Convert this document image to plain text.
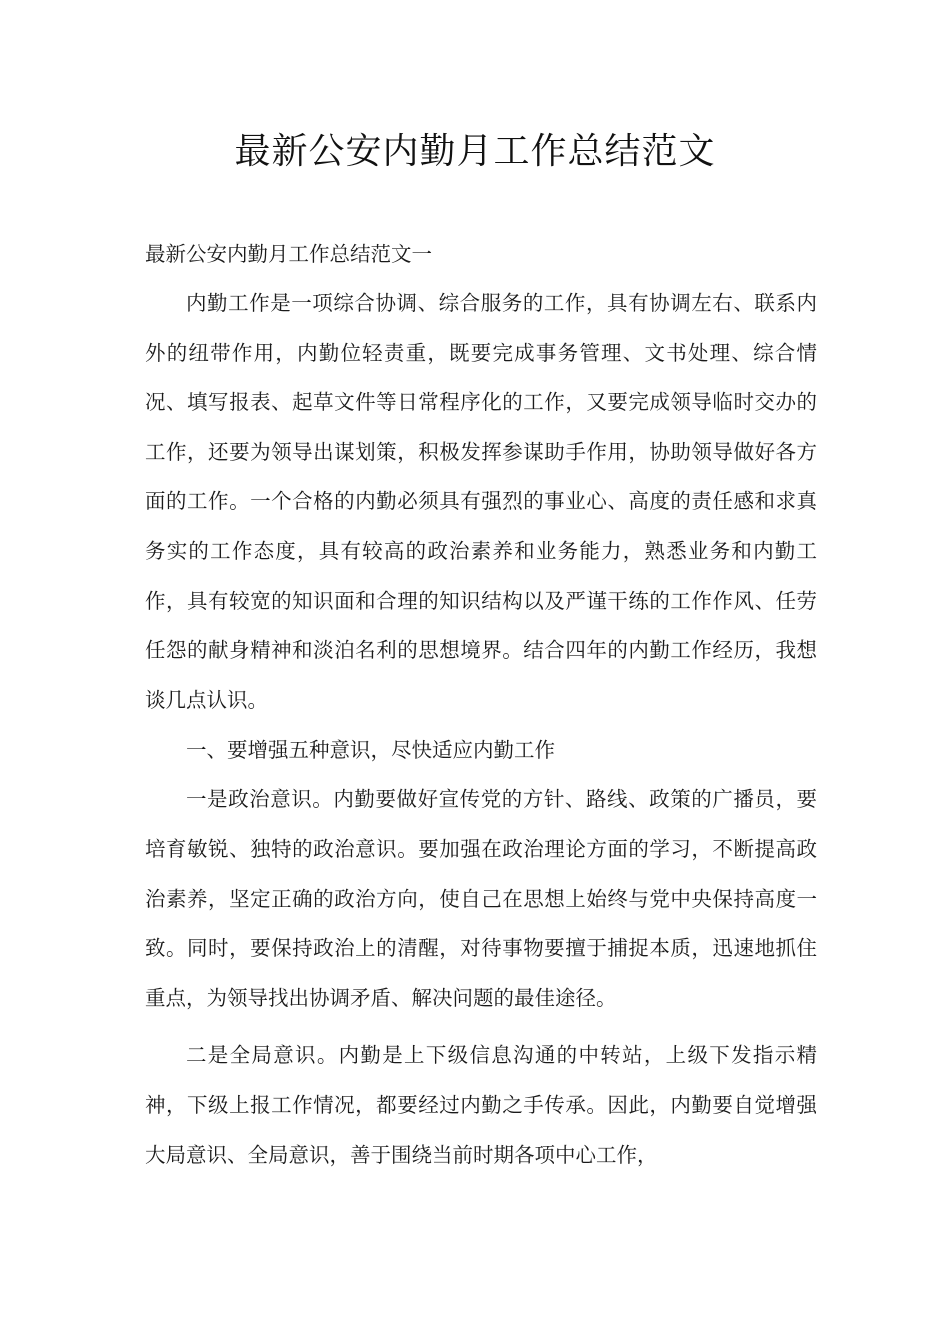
最新公安内勤月工作总结范文

最新公安内勤月工作总结范文一

内勤工作是一项综合协调、综合服务的工作，具有协调左右、联系内外的纽带作用，内勤位轻责重，既要完成事务管理、文书处理、综合情况、填写报表、起草文件等日常程序化的工作，又要完成领导临时交办的工作，还要为领导出谋划策，积极发挥参谋助手作用，协助领导做好各方面的工作。一个合格的内勤必须具有强烈的事业心、高度的责任感和求真务实的工作态度，具有较高的政治素养和业务能力，熟悉业务和内勤工作，具有较宽的知识面和合理的知识结构以及严谨干练的工作作风、任劳任怨的献身精神和淡泊名利的思想境界。结合四年的内勤工作经历，我想谈几点认识。

一、要增强五种意识，尽快适应内勤工作

一是政治意识。内勤要做好宣传党的方针、路线、政策的广播员，要培育敏锐、独特的政治意识。要加强在政治理论方面的学习，不断提高政治素养，坚定正确的政治方向，使自己在思想上始终与党中央保持高度一致。同时，要保持政治上的清醒，对待事物要擅于捕捉本质，迅速地抓住重点，为领导找出协调矛盾、解决问题的最佳途径。

二是全局意识。内勤是上下级信息沟通的中转站，上级下发指示精神，下级上报工作情况，都要经过内勤之手传承。因此，内勤要自觉增强大局意识、全局意识，善于围绕当前时期各项中心工作，
